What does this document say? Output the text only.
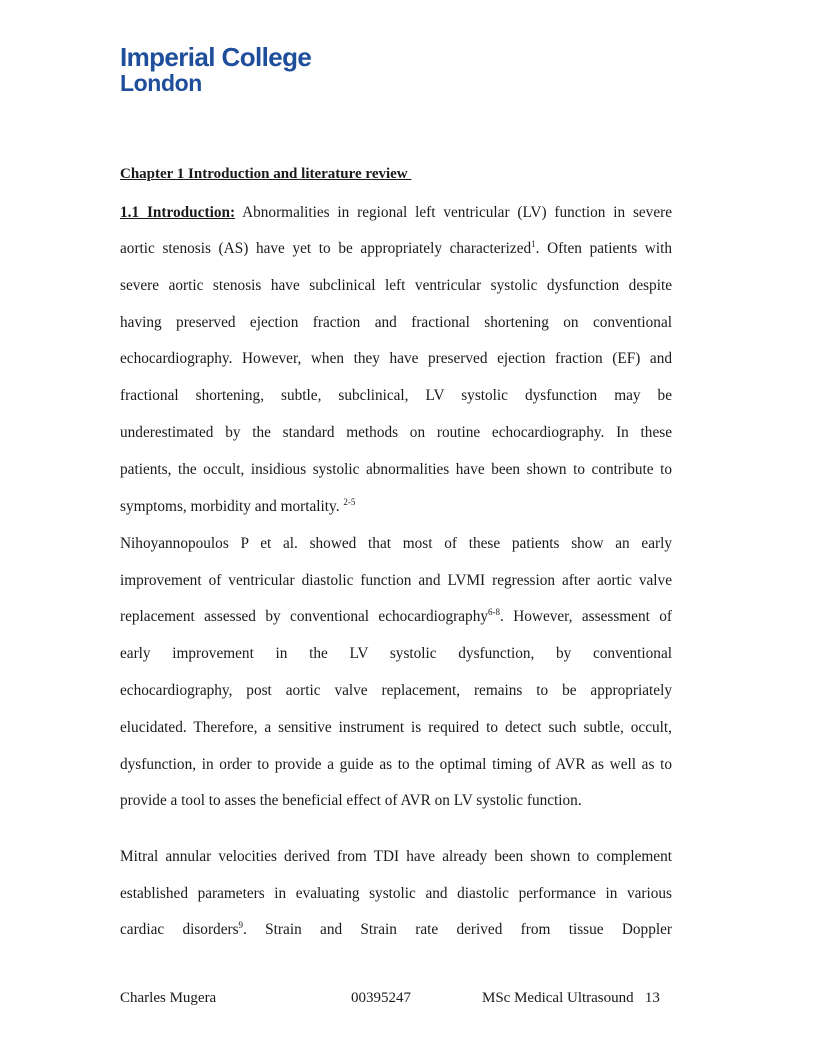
Imperial College
London
Chapter 1 Introduction and literature review
1.1 Introduction: Abnormalities in regional left ventricular (LV) function in severe
aortic stenosis (AS) have yet to be appropriately characterized$^1$. Often patients with
severe aortic stenosis have subclinical left ventricular systolic dysfunction despite
having preserved ejection fraction and fractional shortening on conventional
echocardiography. However, when they have preserved ejection fraction (EF) and
fractional shortening, subtle, subclinical, LV systolic dysfunction may be
underestimated by the standard methods on routine echocardiography. In these
patients, the occult, insidious systolic abnormalities have been shown to contribute to
symptoms, morbidity and mortality. $^{2-5}$
Nihoyannopoulos P et al. showed that most of these patients show an early
improvement of ventricular diastolic function and LVMI regression after aortic valve
replacement assessed by conventional echocardiography$^{6-8}$. However, assessment of
early improvement in the LV systolic dysfunction, by conventional
echocardiography, post aortic valve replacement, remains to be appropriately
elucidated. Therefore, a sensitive instrument is required to detect such subtle, occult,
dysfunction, in order to provide a guide as to the optimal timing of AVR as well as to
provide a tool to asses the beneficial effect of AVR on LV systolic function.
Mitral annular velocities derived from TDI have already been shown to complement
established parameters in evaluating systolic and diastolic performance in various
cardiac disorders$^9$. Strain and Strain rate derived from tissue Doppler
Charles Mugera	00395247	MSc Medical Ultrasound   13
